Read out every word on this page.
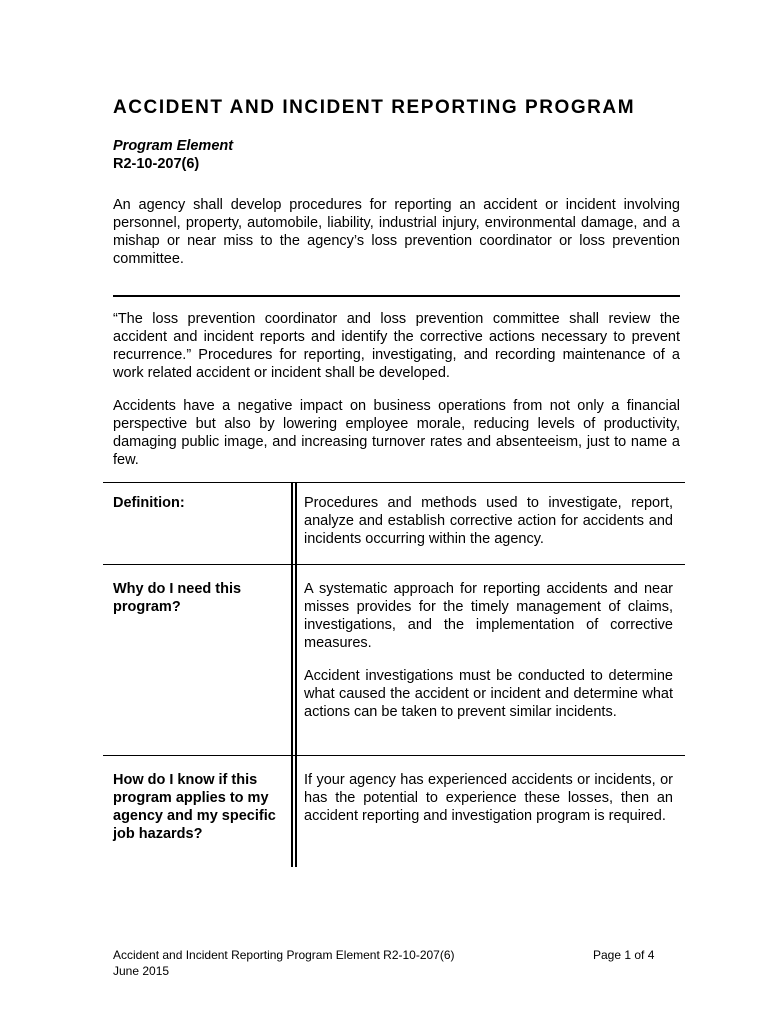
ACCIDENT AND INCIDENT REPORTING PROGRAM
Program Element
R2-10-207(6)

An agency shall develop procedures for reporting an accident or incident involving personnel, property, automobile, liability, industrial injury, environmental damage, and a mishap or near miss to the agency’s loss prevention coordinator or loss prevention committee.

“The loss prevention coordinator and loss prevention committee shall review the accident and incident reports and identify the corrective actions necessary to prevent recurrence.” Procedures for reporting, investigating, and recording maintenance of a work related accident or incident shall be developed.

Accidents have a negative impact on business operations from not only a financial perspective but also by lowering employee morale, reducing levels of productivity, damaging public image, and increasing turnover rates and absenteeism, just to name a few.

Definition:	Procedures and methods used to investigate, report, analyze and establish corrective action for accidents and incidents occurring within the agency.

Why do I need this program?

A systematic approach for reporting accidents and near misses provides for the timely management of claims, investigations, and the implementation of corrective measures.

Accident investigations must be conducted to determine what caused the accident or incident and determine what actions can be taken to prevent similar incidents.

How do I know if this program applies to my agency and my specific job hazards?

If your agency has experienced accidents or incidents, or has the potential to experience these losses, then an accident reporting and investigation program is required.

Accident and Incident Reporting Program Element R2-10-207(6)
June 2015
Page 1 of 4
